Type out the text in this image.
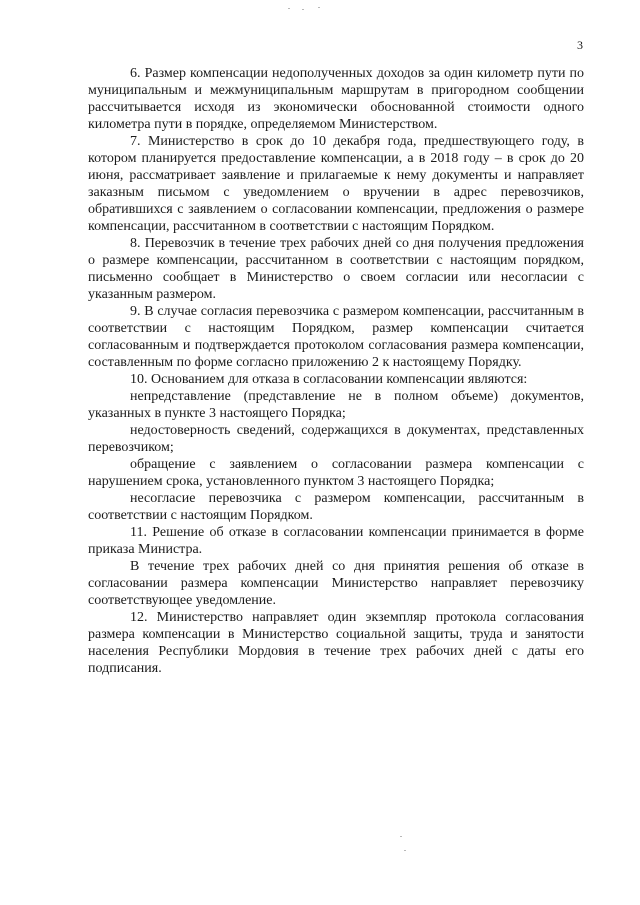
3

6. Размер компенсации недополученных доходов за один километр пути по муниципальным и межмуниципальным маршрутам в пригородном сообщении рассчитывается исходя из экономически обоснованной стоимости одного километра пути в порядке, определяемом Министерством.

7. Министерство в срок до 10 декабря года, предшествующего году, в котором планируется предоставление компенсации, а в 2018 году – в срок до 20 июня, рассматривает заявление и прилагаемые к нему документы и направляет заказным письмом с уведомлением о вручении в адрес перевозчиков, обратившихся с заявлением о согласовании компенсации, предложения о размере компенсации, рассчитанном в соответствии с настоящим Порядком.

8. Перевозчик в течение трех рабочих дней со дня получения предложения о размере компенсации, рассчитанном в соответствии с настоящим порядком, письменно сообщает в Министерство о своем согласии или несогласии с указанным размером.

9. В случае согласия перевозчика с размером компенсации, рассчитанным в соответствии с настоящим Порядком, размер компенсации считается согласованным и подтверждается протоколом согласования размера компенсации, составленным по форме согласно приложению 2 к настоящему Порядку.

10. Основанием для отказа в согласовании компенсации являются:

непредставление (представление не в полном объеме) документов, указанных в пункте 3 настоящего Порядка;

недостоверность сведений, содержащихся в документах, представленных перевозчиком;

обращение с заявлением о согласовании размера компенсации с нарушением срока, установленного пунктом 3 настоящего Порядка;

несогласие перевозчика с размером компенсации, рассчитанным в соответствии с настоящим Порядком.

11. Решение об отказе в согласовании компенсации принимается в форме приказа Министра.

В течение трех рабочих дней со дня принятия решения об отказе в согласовании размера компенсации Министерство направляет перевозчику соответствующее уведомление.

12. Министерство направляет один экземпляр протокола согласования размера компенсации в Министерство социальной защиты, труда и занятости населения Республики Мордовия в течение трех рабочих дней с даты его подписания.
